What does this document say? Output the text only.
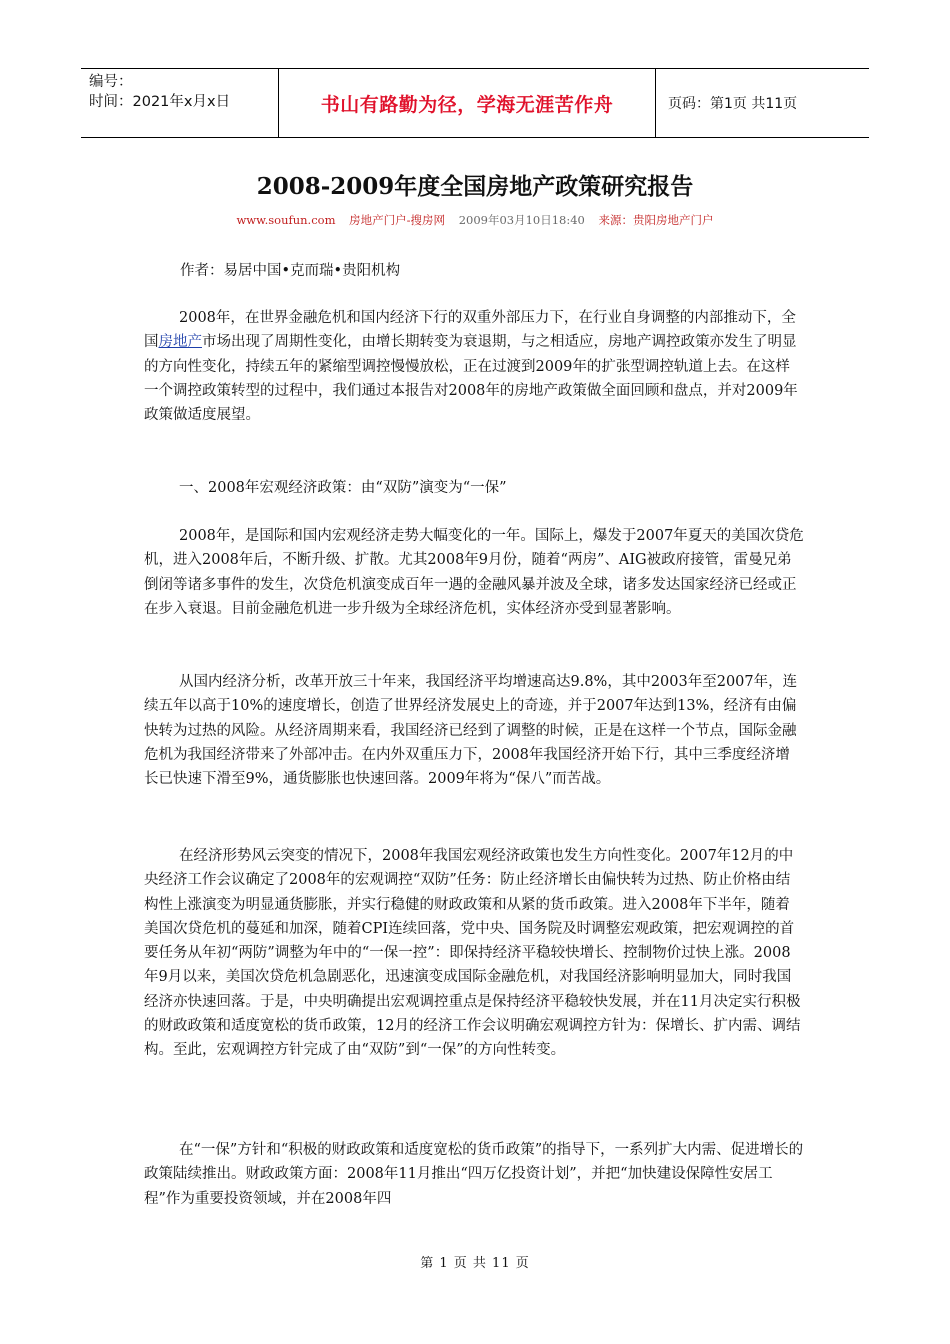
编号：
时间：2021年x月x日	书山有路勤为径，学海无涯苦作舟	页码：第1页 共11页
2008-2009年度全国房地产政策研究报告
www.soufun.com 房地产门户-搜房网 2009年03月10日18:40 来源：贵阳房地产门户
作者：易居中国•克而瑞•贵阳机构
2008年，在世界金融危机和国内经济下行的双重外部压力下，在行业自身调整的内部推动下，全国房地产市场出现了周期性变化，由增长期转变为衰退期，与之相适应，房地产调控政策亦发生了明显的方向性变化，持续五年的紧缩型调控慢慢放松，正在过渡到2009年的扩张型调控轨道上去。在这样一个调控政策转型的过程中，我们通过本报告对2008年的房地产政策做全面回顾和盘点，并对2009年政策做适度展望。
一、2008年宏观经济政策：由“双防”演变为“一保”
2008年，是国际和国内宏观经济走势大幅变化的一年。国际上，爆发于2007年夏天的美国次贷危机，进入2008年后，不断升级、扩散。尤其2008年9月份，随着“两房”、AIG被政府接管，雷曼兄弟倒闭等诸多事件的发生，次贷危机演变成百年一遇的金融风暴并波及全球，诸多发达国家经济已经或正在步入衰退。目前金融危机进一步升级为全球经济危机，实体经济亦受到显著影响。
从国内经济分析，改革开放三十年来，我国经济平均增速高达9.8%，其中2003年至2007年，连续五年以高于10%的速度增长，创造了世界经济发展史上的奇迹，并于2007年达到13%，经济有由偏快转为过热的风险。从经济周期来看，我国经济已经到了调整的时候，正是在这样一个节点，国际金融危机为我国经济带来了外部冲击。在内外双重压力下，2008年我国经济开始下行，其中三季度经济增长已快速下滑至9%，通货膨胀也快速回落。2009年将为“保八”而苦战。
在经济形势风云突变的情况下，2008年我国宏观经济政策也发生方向性变化。2007年12月的中央经济工作会议确定了2008年的宏观调控“双防”任务：防止经济增长由偏快转为过热、防止价格由结构性上涨演变为明显通货膨胀，并实行稳健的财政政策和从紧的货币政策。进入2008年下半年，随着美国次贷危机的蔓延和加深，随着CPI连续回落，党中央、国务院及时调整宏观政策，把宏观调控的首要任务从年初“两防”调整为年中的“一保一控”：即保持经济平稳较快增长、控制物价过快上涨。2008年9月以来，美国次贷危机急剧恶化，迅速演变成国际金融危机，对我国经济影响明显加大，同时我国经济亦快速回落。于是，中央明确提出宏观调控重点是保持经济平稳较快发展，并在11月决定实行积极的财政政策和适度宽松的货币政策，12月的经济工作会议明确宏观调控方针为：保增长、扩内需、调结构。至此，宏观调控方针完成了由“双防”到“一保”的方向性转变。
在“一保”方针和“积极的财政政策和适度宽松的货币政策”的指导下，一系列扩大内需、促进增长的政策陆续推出。财政政策方面：2008年11月推出“四万亿投资计划”，并把“加快建设保障性安居工程”作为重要投资领域，并在2008年四
第 1 页 共 11 页
